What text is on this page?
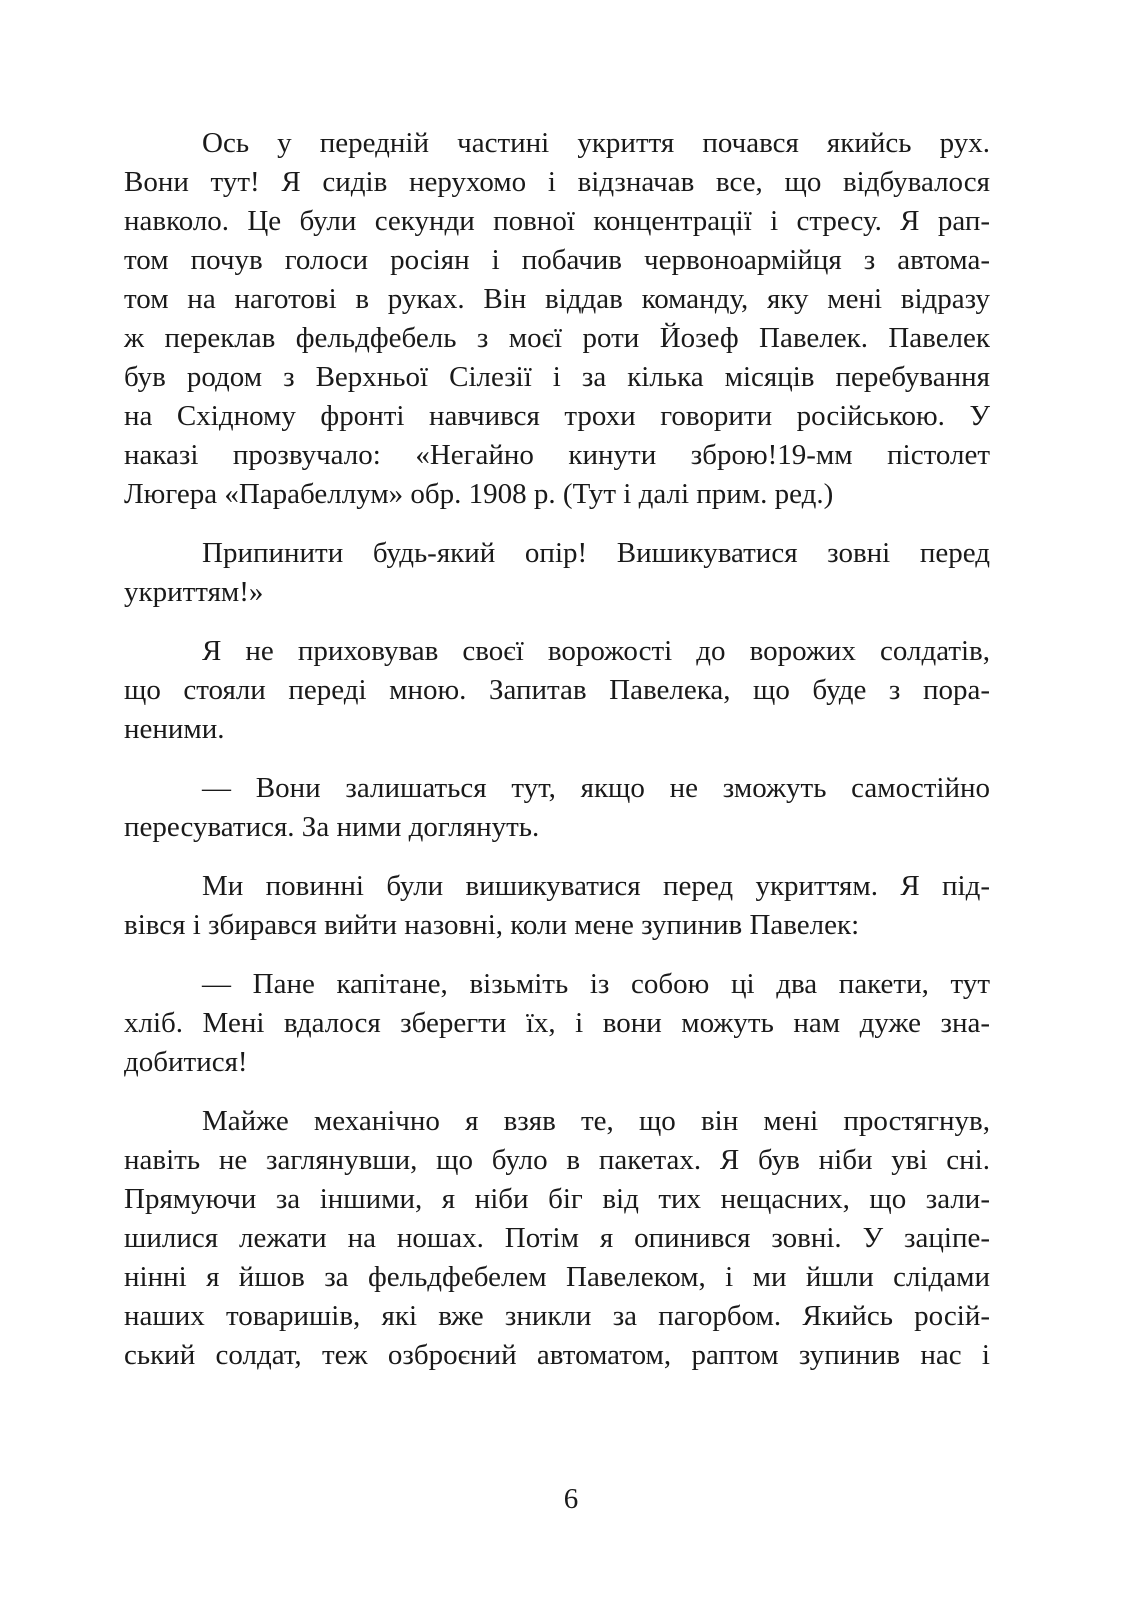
Ось у передній частині укриття почався якийсь рух.
Вони тут! Я сидів нерухомо і відзначав все, що відбувалося
навколо. Це були секунди повної концентрації і стресу. Я рап-
том почув голоси росіян і побачив червоноармійця з автома-
том на наготові в руках. Він віддав команду, яку мені відразу
ж переклав фельдфебель з моєї роти Йозеф Павелек. Павелек
був родом з Верхньої Сілезії і за кілька місяців перебування
на Східному фронті навчився трохи говорити російською. У
наказі прозвучало: «Негайно кинути зброю!19-мм пістолет
Люгера «Парабеллум» обр. 1908 р. (Тут і далі прим. ред.)
Припинити будь-який опір! Вишикуватися зовні перед
укриттям!»
Я не приховував своєї ворожості до ворожих солдатів,
що стояли переді мною. Запитав Павелека, що буде з пора-
неними.
— Вони залишаться тут, якщо не зможуть самостійно
пересуватися. За ними доглянуть.
Ми повинні були вишикуватися перед укриттям. Я під-
вівся і збирався вийти назовні, коли мене зупинив Павелек:
— Пане капітане, візьміть із собою ці два пакети, тут
хліб. Мені вдалося зберегти їх, і вони можуть нам дуже зна-
добитися!
Майже механічно я взяв те, що він мені простягнув,
навіть не заглянувши, що було в пакетах. Я був ніби уві сні.
Прямуючи за іншими, я ніби біг від тих нещасних, що зали-
шилися лежати на ношах. Потім я опинився зовні. У заціпе-
нінні я йшов за фельдфебелем Павелеком, і ми йшли слідами
наших товаришів, які вже зникли за пагорбом. Якийсь росій-
ський солдат, теж озброєний автоматом, раптом зупинив нас і
6
